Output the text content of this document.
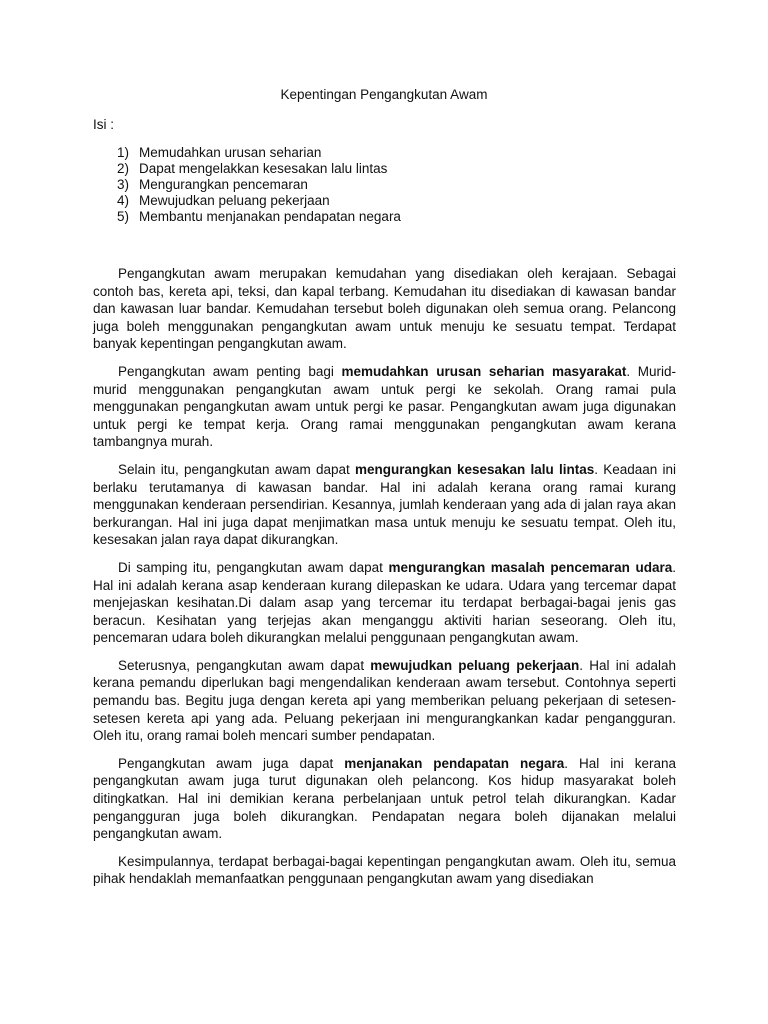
Kepentingan Pengangkutan Awam
Isi :
1) Memudahkan urusan seharian
2) Dapat mengelakkan kesesakan lalu lintas
3) Mengurangkan pencemaran
4) Mewujudkan peluang pekerjaan
5) Membantu menjanakan pendapatan negara

Pengangkutan awam merupakan kemudahan yang disediakan oleh kerajaan. Sebagai contoh bas, kereta api, teksi, dan kapal terbang. Kemudahan itu disediakan di kawasan bandar dan kawasan luar bandar. Kemudahan tersebut boleh digunakan oleh semua orang. Pelancong juga boleh menggunakan pengangkutan awam untuk menuju ke sesuatu tempat. Terdapat banyak kepentingan pengangkutan awam.

Pengangkutan awam penting bagi memudahkan urusan seharian masyarakat. Murid-murid menggunakan pengangkutan awam untuk pergi ke sekolah. Orang ramai pula menggunakan pengangkutan awam untuk pergi ke pasar. Pengangkutan awam juga digunakan untuk pergi ke tempat kerja. Orang ramai menggunakan pengangkutan awam kerana tambangnya murah.

Selain itu, pengangkutan awam dapat mengurangkan kesesakan lalu lintas. Keadaan ini berlaku terutamanya di kawasan bandar. Hal ini adalah kerana orang ramai kurang menggunakan kenderaan persendirian. Kesannya, jumlah kenderaan yang ada di jalan raya akan berkurangan. Hal ini juga dapat menjimatkan masa untuk menuju ke sesuatu tempat. Oleh itu, kesesakan jalan raya dapat dikurangkan.

Di samping itu, pengangkutan awam dapat mengurangkan masalah pencemaran udara. Hal ini adalah kerana asap kenderaan kurang dilepaskan ke udara. Udara yang tercemar dapat menjejaskan kesihatan.Di dalam asap yang tercemar itu terdapat berbagai-bagai jenis gas beracun. Kesihatan yang terjejas akan menganggu aktiviti harian seseorang. Oleh itu, pencemaran udara boleh dikurangkan melalui penggunaan pengangkutan awam.

Seterusnya, pengangkutan awam dapat mewujudkan peluang pekerjaan. Hal ini adalah kerana pemandu diperlukan bagi mengendalikan kenderaan awam tersebut. Contohnya seperti pemandu bas. Begitu juga dengan kereta api yang memberikan peluang pekerjaan di setesen-setesen kereta api yang ada. Peluang pekerjaan ini mengurangkankan kadar pengangguran. Oleh itu, orang ramai boleh mencari sumber pendapatan.

Pengangkutan awam juga dapat menjanakan pendapatan negara. Hal ini kerana pengangkutan awam juga turut digunakan oleh pelancong. Kos hidup masyarakat boleh ditingkatkan. Hal ini demikian kerana perbelanjaan untuk petrol telah dikurangkan. Kadar pengangguran juga boleh dikurangkan. Pendapatan negara boleh dijanakan melalui pengangkutan awam.

Kesimpulannya, terdapat berbagai-bagai kepentingan pengangkutan awam. Oleh itu, semua pihak hendaklah memanfaatkan penggunaan pengangkutan awam yang disediakan
